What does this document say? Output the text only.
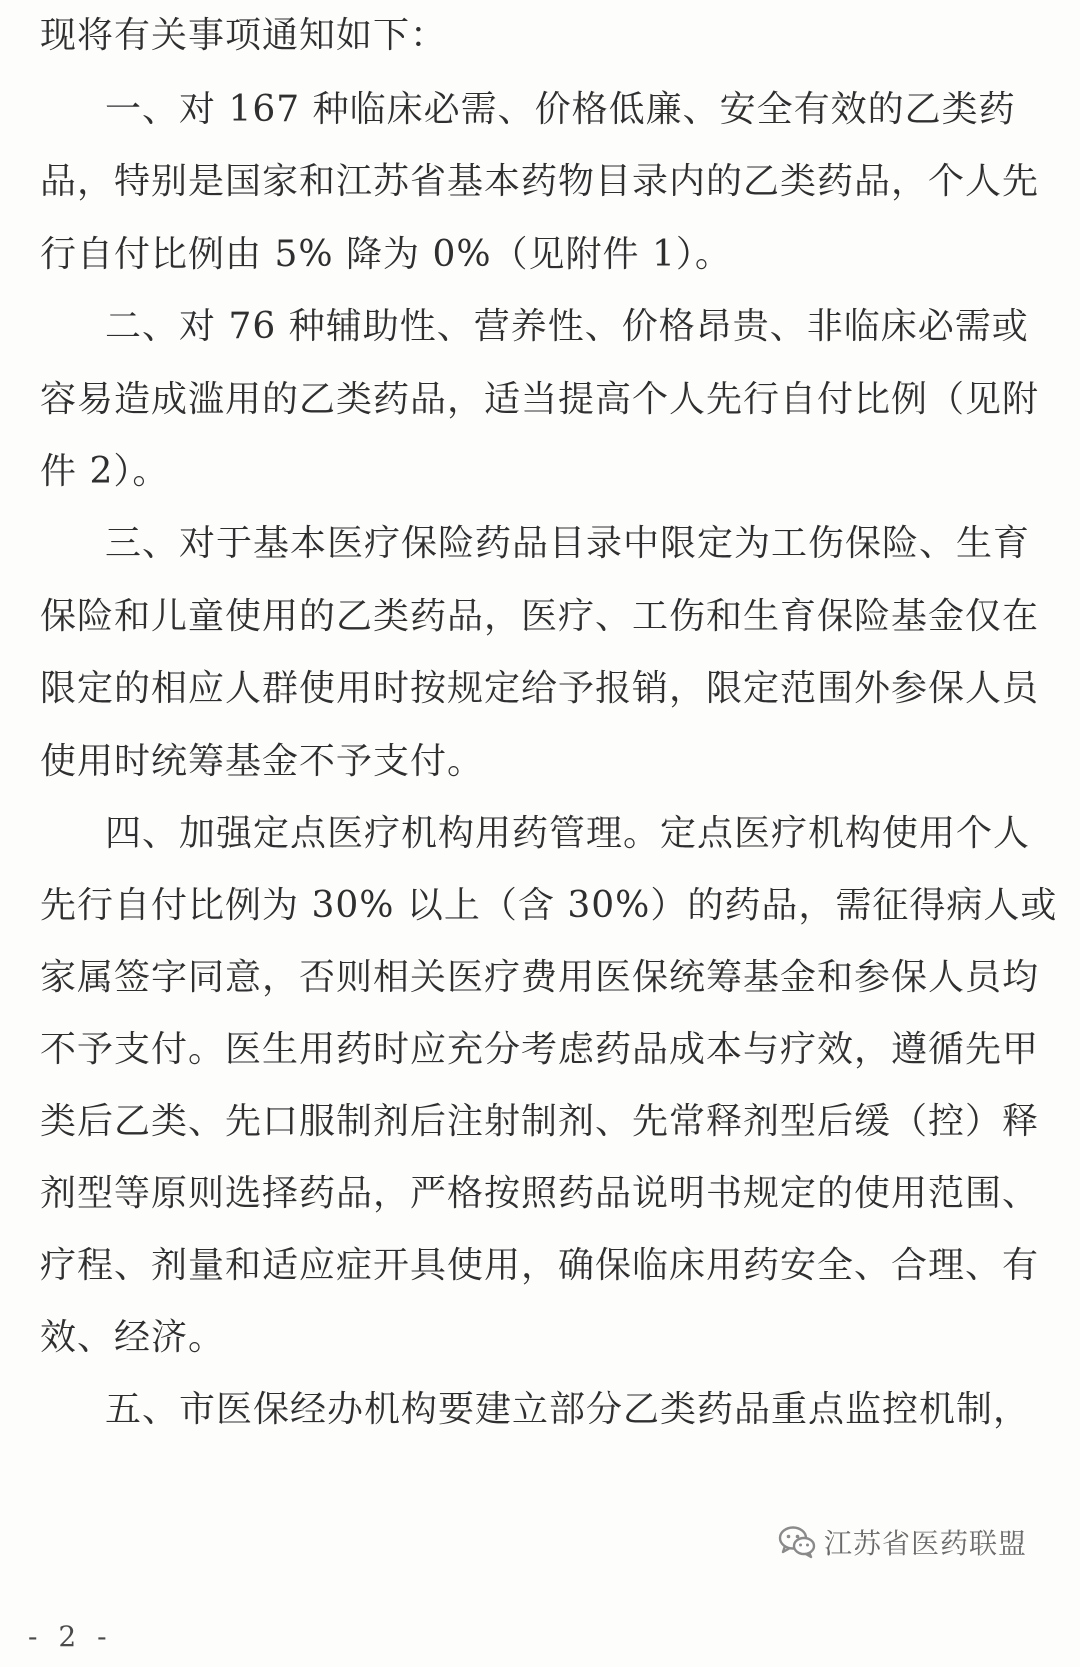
现将有关事项通知如下：
一、对 167 种临床必需、价格低廉、安全有效的乙类药
品，特别是国家和江苏省基本药物目录内的乙类药品，个人先
行自付比例由 5% 降为 0%（见附件 1）。
二、对 76 种辅助性、营养性、价格昂贵、非临床必需或
容易造成滥用的乙类药品，适当提高个人先行自付比例（见附
件 2）。
三、对于基本医疗保险药品目录中限定为工伤保险、生育
保险和儿童使用的乙类药品，医疗、工伤和生育保险基金仅在
限定的相应人群使用时按规定给予报销，限定范围外参保人员
使用时统筹基金不予支付。
四、加强定点医疗机构用药管理。定点医疗机构使用个人
先行自付比例为 30% 以上（含 30%）的药品，需征得病人或
家属签字同意，否则相关医疗费用医保统筹基金和参保人员均
不予支付。医生用药时应充分考虑药品成本与疗效，遵循先甲
类后乙类、先口服制剂后注射制剂、先常释剂型后缓（控）释
剂型等原则选择药品，严格按照药品说明书规定的使用范围、
疗程、剂量和适应症开具使用，确保临床用药安全、合理、有
效、经济。
五、市医保经办机构要建立部分乙类药品重点监控机制，
江苏省医药联盟
- 2 -
